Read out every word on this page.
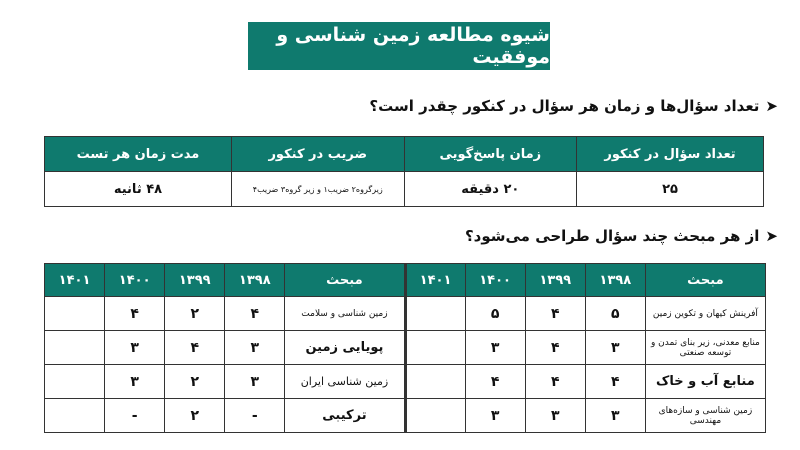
شیوه مطالعه زمین شناسی و موفقیت
➤
تعداد سؤال‌ها و زمان هر سؤال در کنکور چقدر است؟
تعداد سؤال در کنکور	زمان پاسخ‌گویی	ضریب در کنکور	مدت زمان هر تست
۲۵	۲۰ دقیقه	زیرگروه۲ ضریب۱ و زیر گروه۳ ضریب۴	۴۸ ثانیه
➤
از هر مبحث چند سؤال طراحی می‌شود؟
مبحث	۱۳۹۸	۱۳۹۹	۱۴۰۰	۱۴۰۱	مبحث	۱۳۹۸	۱۳۹۹	۱۴۰۰	۱۴۰۱
آفرینش کیهان و تکوین زمین	۵	۴	۵		زمین شناسی و سلامت	۴	۲	۴	
منابع معدنی، زیر بنای تمدن و توسعه صنعتی	۳	۴	۳		پویایی زمین	۳	۴	۳	
منابع آب و خاک	۴	۴	۴		زمین شناسی ایران	۳	۲	۳	
زمین شناسی و سازه‌های مهندسی	۳	۳	۳		ترکیبی	-	۲	-	
